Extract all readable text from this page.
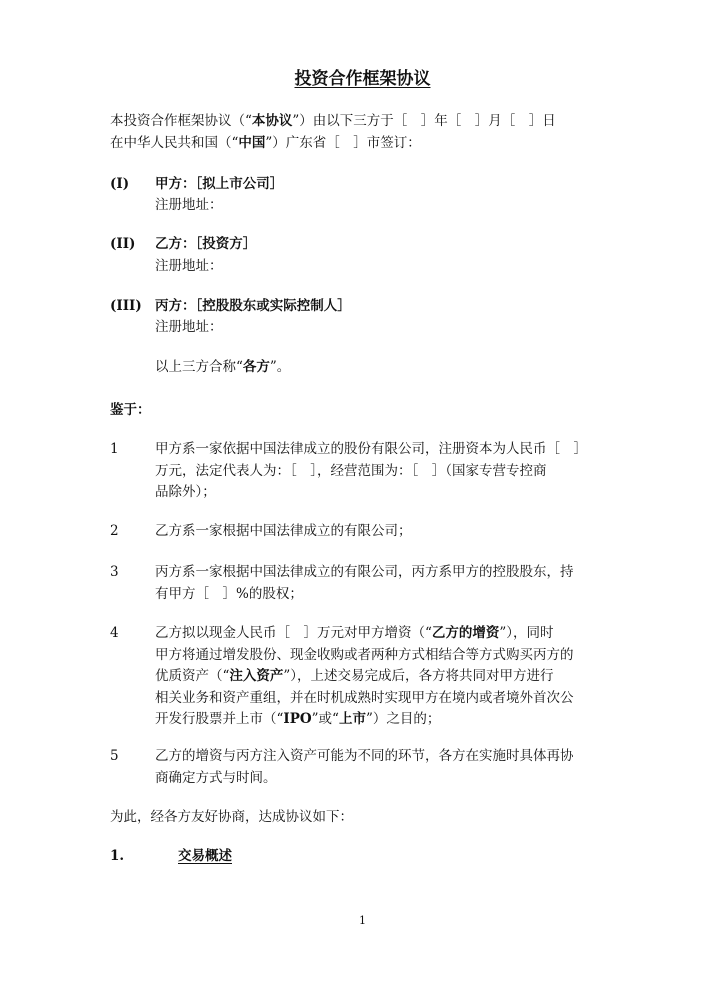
投资合作框架协议
本投资合作框架协议（“本协议”）由以下三方于［　］年［　］月［　］日
在中华人民共和国（“中国”）广东省［　］市签订：
(I) 甲方：［拟上市公司］
注册地址：
(II) 乙方：［投资方］
注册地址：
(III) 丙方：［控股股东或实际控制人］
注册地址：
以上三方合称“各方”。
鉴于：
1	甲方系一家依据中国法律成立的股份有限公司，注册资本为人民币［　］
万元，法定代表人为：［　］，经营范围为：［　］（国家专营专控商
品除外）；
2	乙方系一家根据中国法律成立的有限公司；
3	丙方系一家根据中国法律成立的有限公司，丙方系甲方的控股股东，持
有甲方［　］%的股权；
4	乙方拟以现金人民币［　］万元对甲方增资（“乙方的增资”），同时
甲方将通过增发股份、现金收购或者两种方式相结合等方式购买丙方的
优质资产（“注入资产”），上述交易完成后，各方将共同对甲方进行
相关业务和资产重组，并在时机成熟时实现甲方在境内或者境外首次公
开发行股票并上市（“IPO”或“上市”）之目的；
5	乙方的增资与丙方注入资产可能为不同的环节，各方在实施时具体再协
商确定方式与时间。
为此，经各方友好协商，达成协议如下：
1.	交易概述
1
